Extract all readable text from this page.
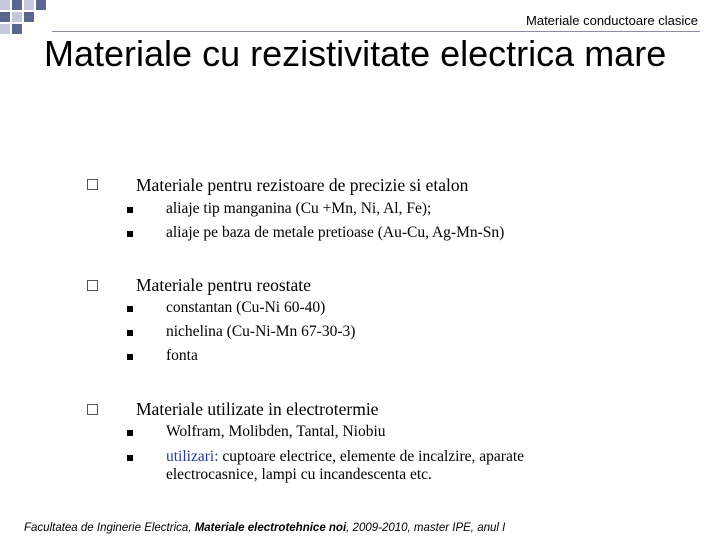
Materiale conductoare clasice
Materiale cu rezistivitate electrica mare
Materiale pentru rezistoare de precizie si etalon
aliaje tip manganina (Cu +Mn, Ni, Al, Fe);
aliaje pe baza de metale pretioase (Au-Cu, Ag-Mn-Sn)
Materiale pentru reostate
constantan (Cu-Ni 60-40)
nichelina (Cu-Ni-Mn 67-30-3)
fonta
Materiale utilizate in electrotermie
Wolfram, Molibden, Tantal, Niobiu
utilizari: cuptoare electrice, elemente de incalzire, aparate electrocasnice, lampi cu incandescenta etc.
Facultatea de Inginerie Electrica, Materiale electrotehnice noi, 2009-2010, master IPE, anul I
